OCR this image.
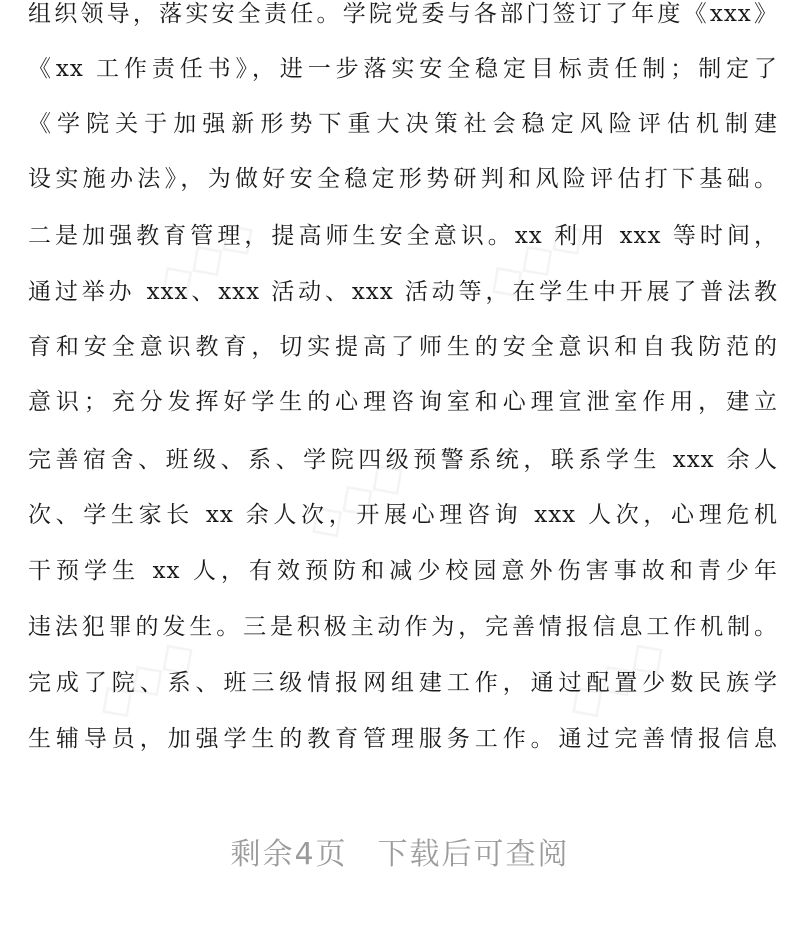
◇◇◇	◇◇◇
◇◇◇
◇◇◇	◇◇◇
组织领导，落实安全责任。学院党委与各部门签订了年度《xxx》
《xx 工作责任书》，进一步落实安全稳定目标责任制；制定了
《学院关于加强新形势下重大决策社会稳定风险评估机制建
设实施办法》，为做好安全稳定形势研判和风险评估打下基础。
二是加强教育管理，提高师生安全意识。xx 利用 xxx 等时间，
通过举办 xxx、xxx 活动、xxx 活动等，在学生中开展了普法教
育和安全意识教育，切实提高了师生的安全意识和自我防范的
意识；充分发挥好学生的心理咨询室和心理宣泄室作用，建立
完善宿舍、班级、系、学院四级预警系统，联系学生 xxx 余人
次、学生家长 xx 余人次，开展心理咨询 xxx 人次，心理危机
干预学生 xx 人，有效预防和减少校园意外伤害事故和青少年
违法犯罪的发生。三是积极主动作为，完善情报信息工作机制。
完成了院、系、班三级情报网组建工作，通过配置少数民族学
生辅导员，加强学生的教育管理服务工作。通过完善情报信息
剩余4页 下载后可查阅
